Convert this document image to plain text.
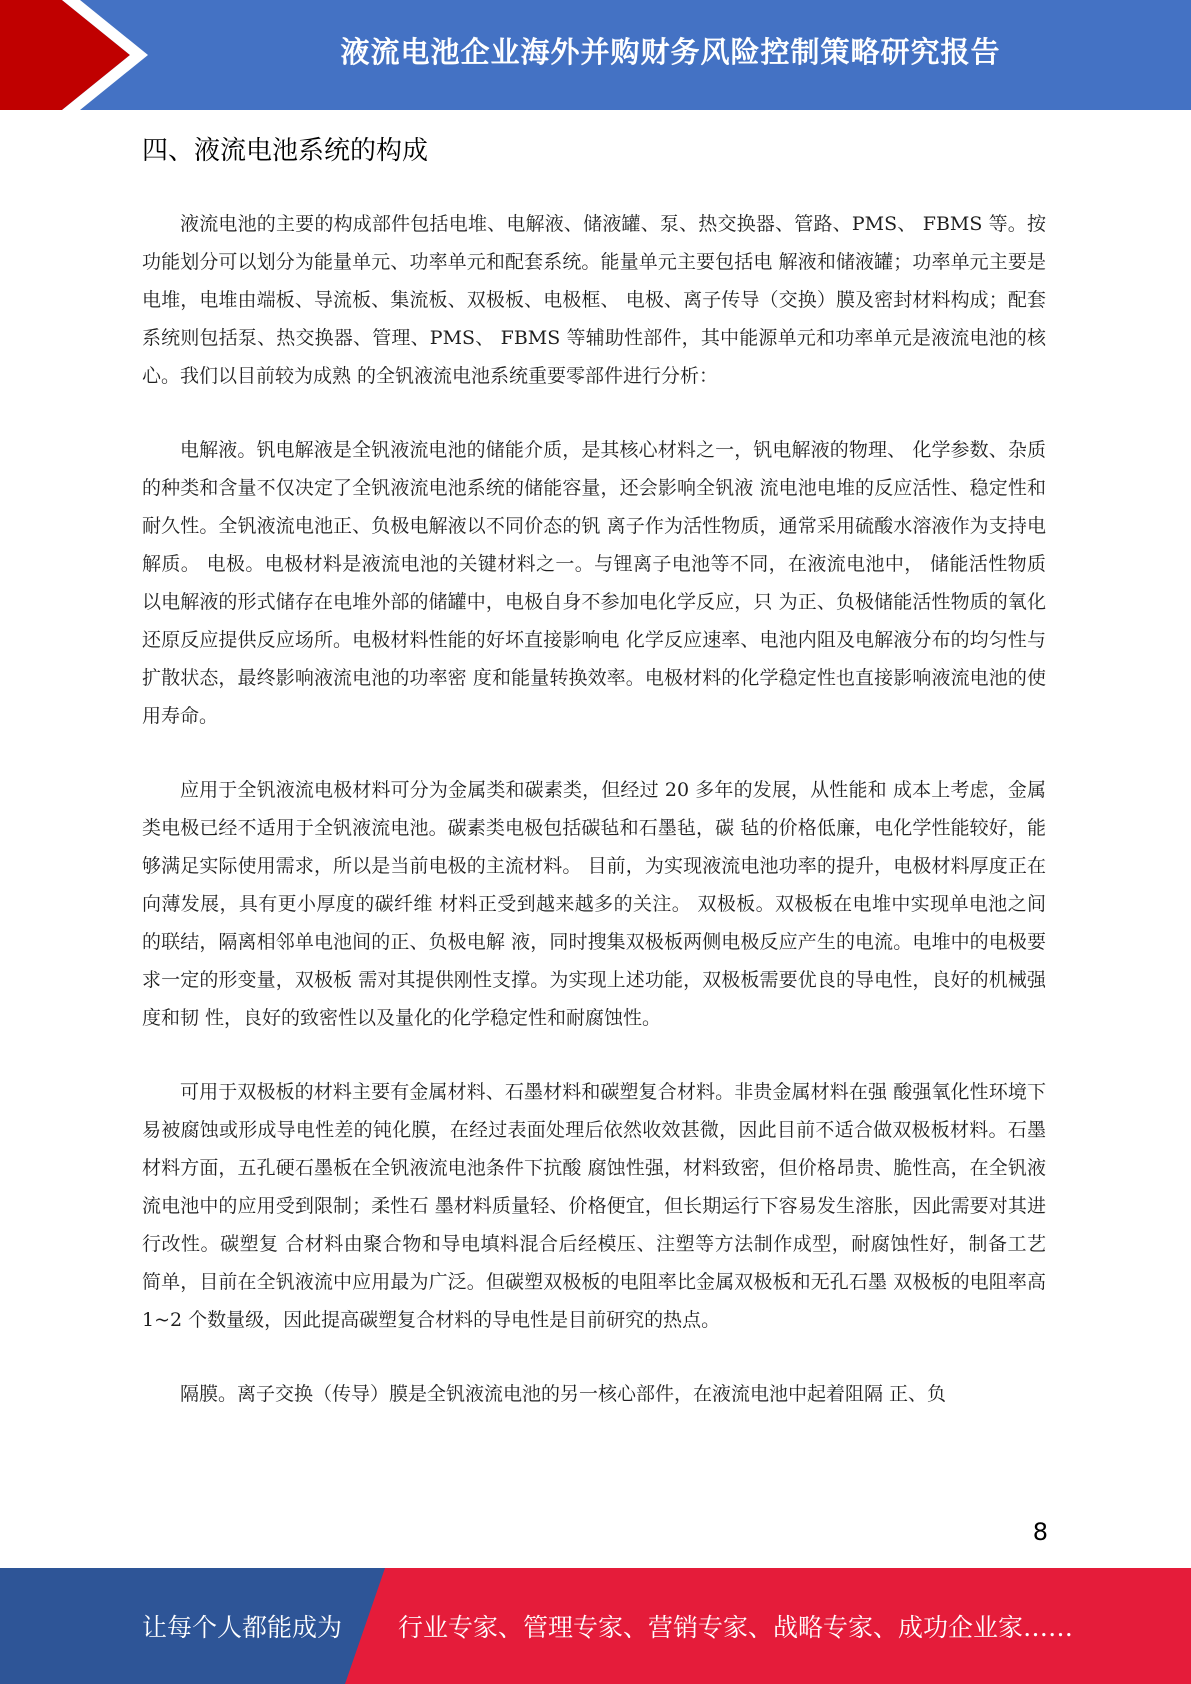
液流电池企业海外并购财务风险控制策略研究报告
四、液流电池系统的构成

液流电池的主要的构成部件包括电堆、电解液、储液罐、泵、热交换器、管路、PMS、 FBMS 等。按功能划分可以划分为能量单元、功率单元和配套系统。能量单元主要包括电 解液和储液罐；功率单元主要是电堆，电堆由端板、导流板、集流板、双极板、电极框、 电极、离子传导（交换）膜及密封材料构成；配套系统则包括泵、热交换器、管理、PMS、 FBMS 等辅助性部件，其中能源单元和功率单元是液流电池的核心。我们以目前较为成熟 的全钒液流电池系统重要零部件进行分析：

电解液。钒电解液是全钒液流电池的储能介质，是其核心材料之一，钒电解液的物理、 化学参数、杂质的种类和含量不仅决定了全钒液流电池系统的储能容量，还会影响全钒液 流电池电堆的反应活性、稳定性和耐久性。全钒液流电池正、负极电解液以不同价态的钒 离子作为活性物质，通常采用硫酸水溶液作为支持电解质。 电极。电极材料是液流电池的关键材料之一。与锂离子电池等不同，在液流电池中， 储能活性物质以电解液的形式储存在电堆外部的储罐中，电极自身不参加电化学反应，只 为正、负极储能活性物质的氧化还原反应提供反应场所。电极材料性能的好坏直接影响电 化学反应速率、电池内阻及电解液分布的均匀性与扩散状态，最终影响液流电池的功率密 度和能量转换效率。电极材料的化学稳定性也直接影响液流电池的使用寿命。

应用于全钒液流电极材料可分为金属类和碳素类，但经过 20 多年的发展，从性能和 成本上考虑，金属类电极已经不适用于全钒液流电池。碳素类电极包括碳毡和石墨毡，碳 毡的价格低廉，电化学性能较好，能够满足实际使用需求，所以是当前电极的主流材料。 目前，为实现液流电池功率的提升，电极材料厚度正在向薄发展，具有更小厚度的碳纤维 材料正受到越来越多的关注。 双极板。双极板在电堆中实现单电池之间的联结，隔离相邻单电池间的正、负极电解 液，同时搜集双极板两侧电极反应产生的电流。电堆中的电极要求一定的形变量，双极板 需对其提供刚性支撑。为实现上述功能，双极板需要优良的导电性，良好的机械强度和韧 性，良好的致密性以及量化的化学稳定性和耐腐蚀性。

可用于双极板的材料主要有金属材料、石墨材料和碳塑复合材料。非贵金属材料在强 酸强氧化性环境下易被腐蚀或形成导电性差的钝化膜，在经过表面处理后依然收效甚微，因此目前不适合做双极板材料。石墨材料方面，五孔硬石墨板在全钒液流电池条件下抗酸 腐蚀性强，材料致密，但价格昂贵、脆性高，在全钒液流电池中的应用受到限制；柔性石 墨材料质量轻、价格便宜，但长期运行下容易发生溶胀，因此需要对其进行改性。碳塑复 合材料由聚合物和导电填料混合后经模压、注塑等方法制作成型，耐腐蚀性好，制备工艺 简单，目前在全钒液流中应用最为广泛。但碳塑双极板的电阻率比金属双极板和无孔石墨 双极板的电阻率高 1~2 个数量级，因此提高碳塑复合材料的导电性是目前研究的热点。

隔膜。离子交换（传导）膜是全钒液流电池的另一核心部件，在液流电池中起着阻隔 正、负

8
让每个人都能成为 行业专家、管理专家、营销专家、战略专家、成功企业家……
